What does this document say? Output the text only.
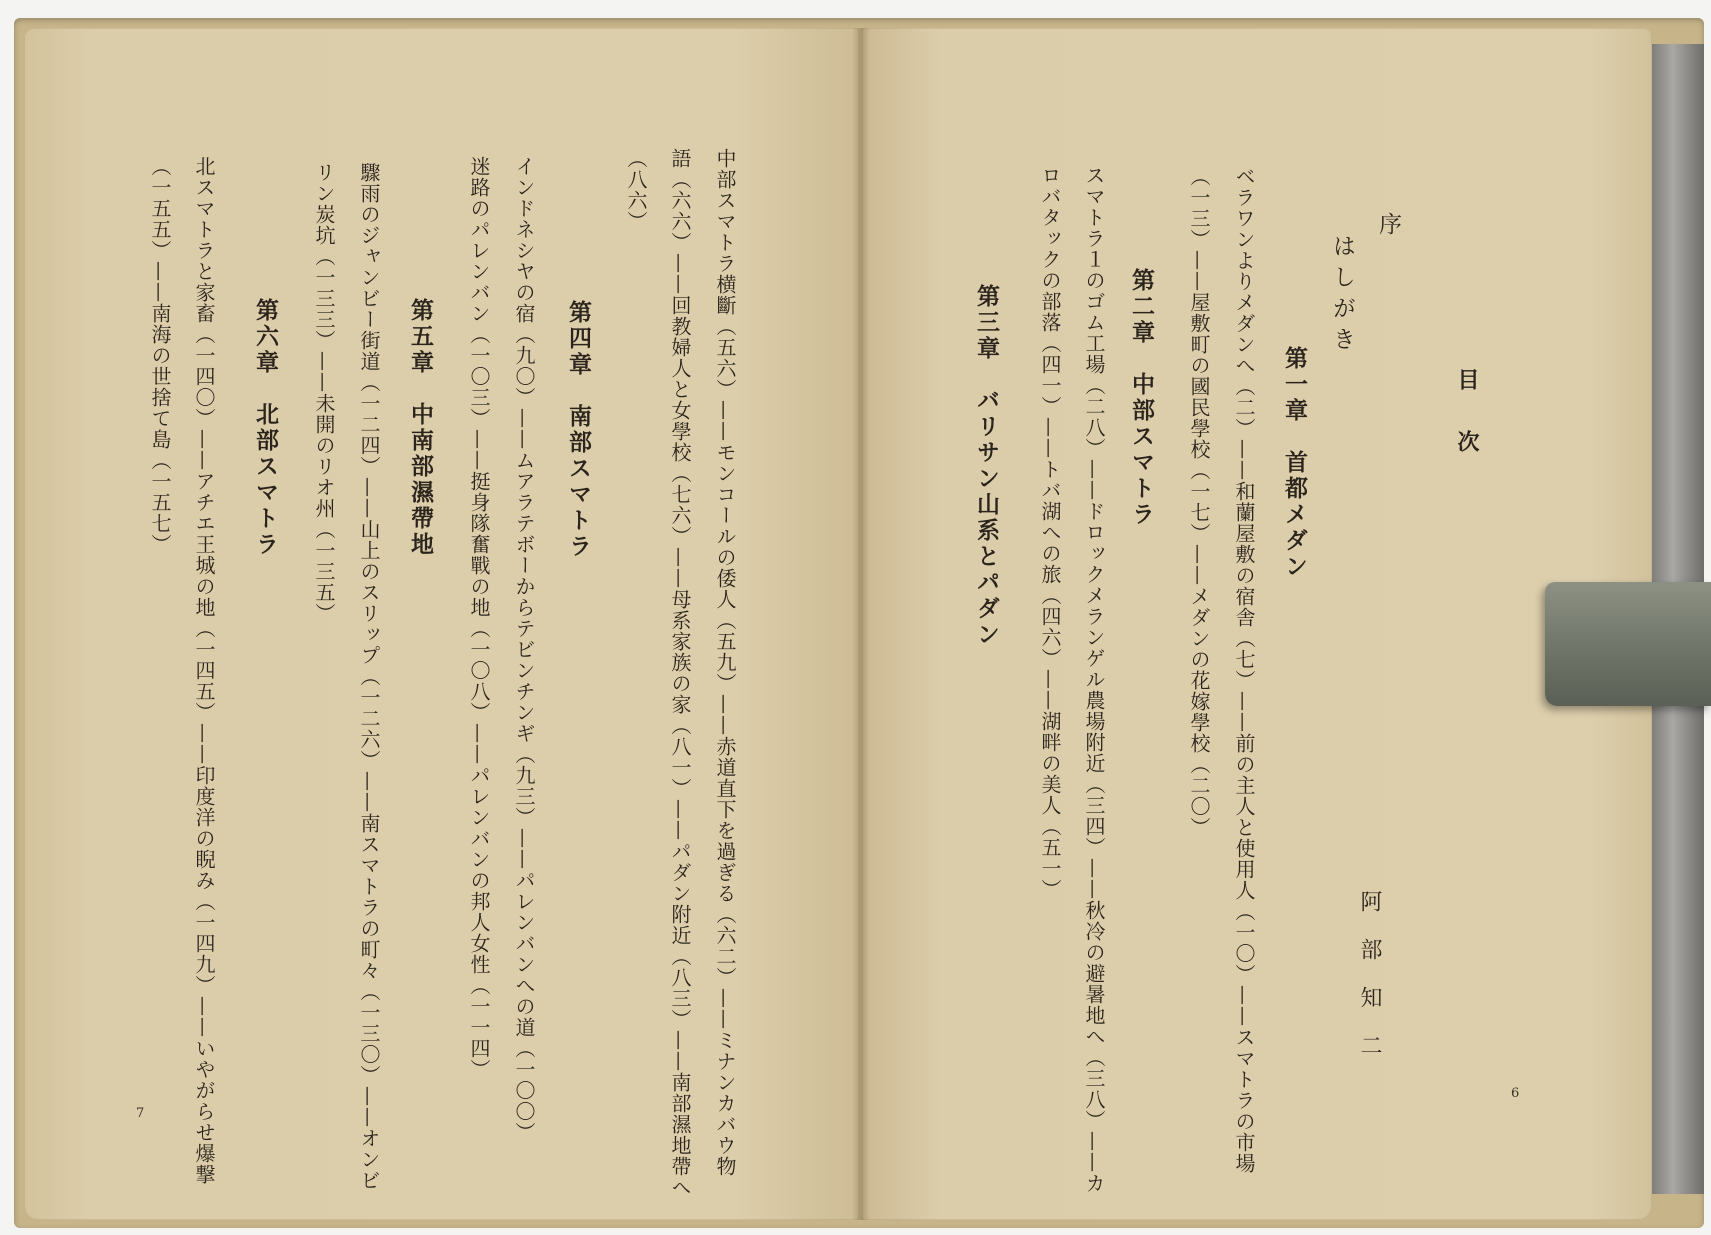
目次
序
はしがき
阿部知二
第一章　首都メダン
ベラワンよりメダンへ（二）——和蘭屋敷の宿舎（七）——前の主人と使用人（一〇）——スマトラの市場
（一三）——屋敷町の國民學校（一七）——メダンの花嫁學校（二〇）
第二章　中部スマトラ
スマトラ１のゴム工場（二八）——ドロックメランゲル農場附近（三四）——秋冷の避暑地へ（三八）——カ
ロバタックの部落（四一）——トバ湖への旅（四六）——湖畔の美人（五一）
第三章　バリサン山系とパダン
6
中部スマトラ横斷（五六）——モンコールの倭人（五九）——赤道直下を過ぎる（六二）——ミナンカバウ物
語（六六）——回教婦人と女學校（七六）——母系家族の家（八一）——パダン附近（八三）——南部濕地帶へ
（八六）
第四章　南部スマトラ
インドネシヤの宿（九〇）——ムアラテボーからテビンチンギ（九三）——パレンバンへの道（一〇〇）
迷路のパレンバン（一〇三）——挺身隊奮戰の地（一〇八）——パレンバンの邦人女性（一一四）
第五章　中南部濕帶地
驟雨のジャンビー街道（一二四）——山上のスリップ（一二六）——南スマトラの町々（一三〇）——オンビ
リン炭坑（一三三）——未開のリオ州（一三五）
第六章　北部スマトラ
北スマトラと家畜（一四〇）——アチエ王城の地（一四五）——印度洋の睨み（一四九）——いやがらせ爆撃
（一五五）——南海の世捨て島（一五七）
7
